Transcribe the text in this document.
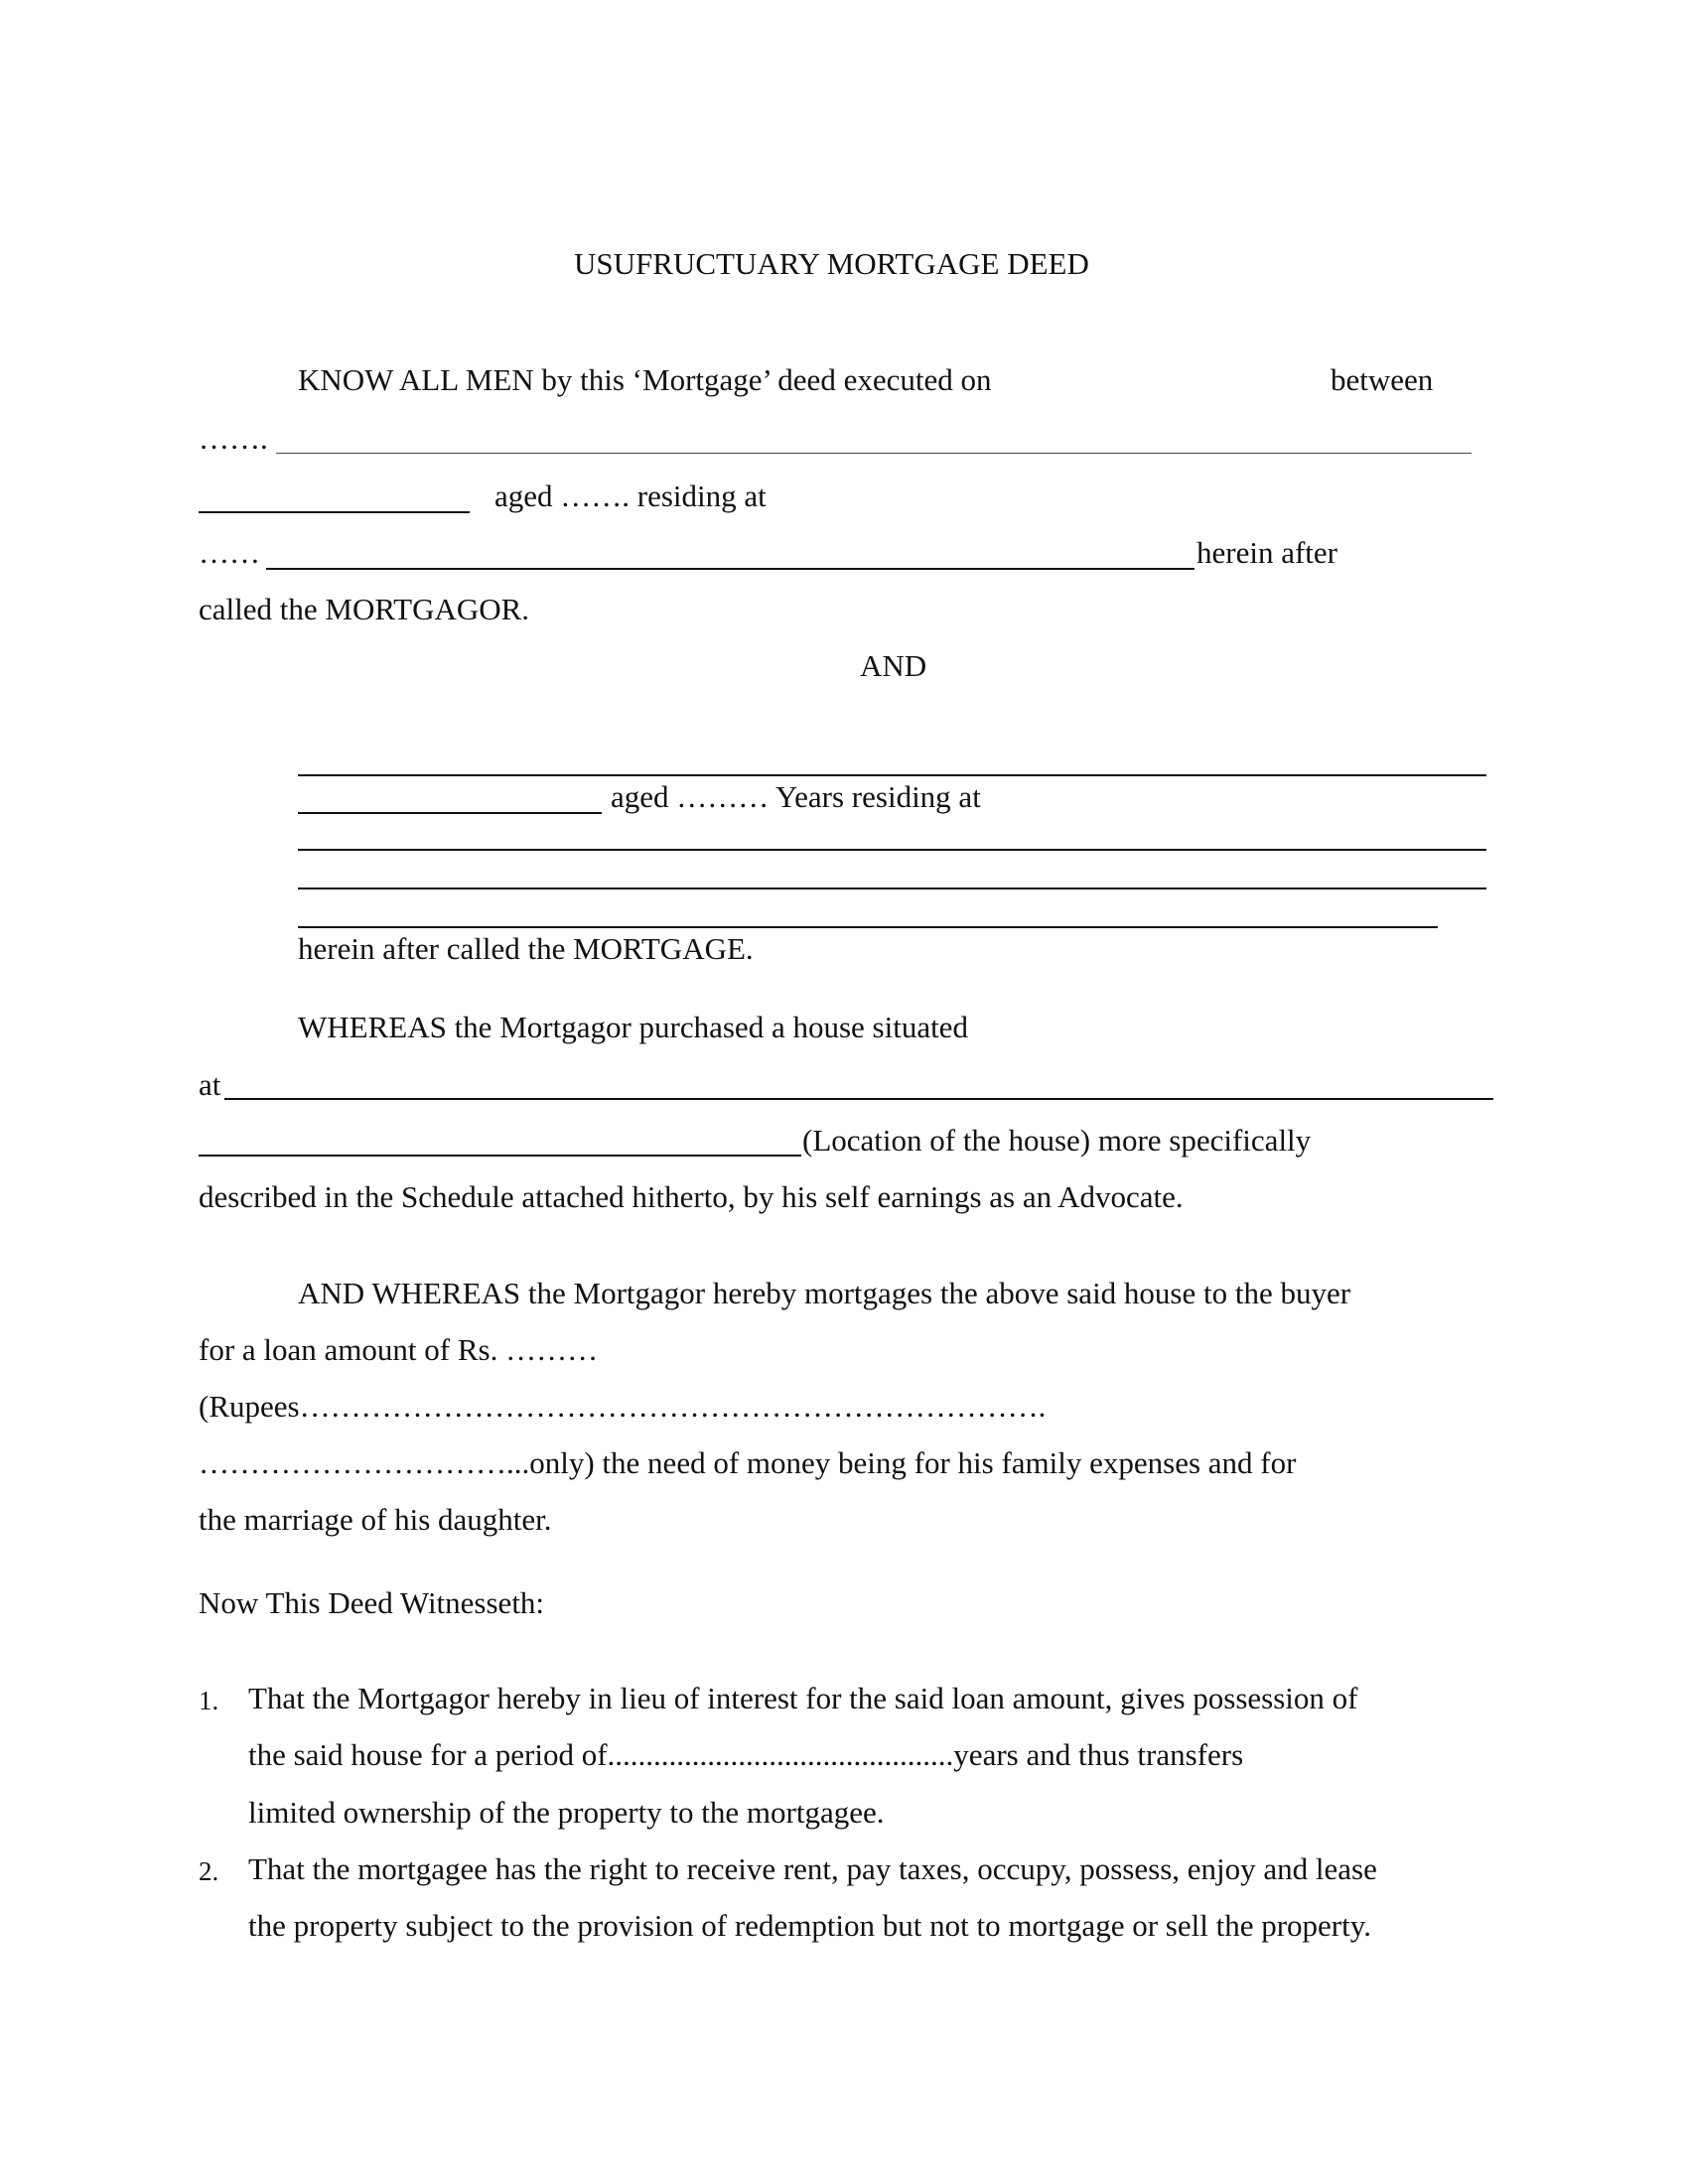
USUFRUCTUARY MORTGAGE DEED
KNOW ALL MEN by this ‘Mortgage’ deed executed on	between
…….
aged ……. residing at
……	herein after
called the MORTGAGOR.
AND
aged ……… Years residing at
herein after called the MORTGAGE.
WHEREAS the Mortgagor purchased a house situated
at
(Location of the house) more specifically
described in the Schedule attached hitherto, by his self earnings as an Advocate.
AND WHEREAS the Mortgagor hereby mortgages the above said house to the buyer
for a loan amount of Rs. ………
(Rupees……………………………………………………………….
…………………………...only) the need of money being for his family expenses and for
the marriage of his daughter.
Now This Deed Witnesseth:
1. That the Mortgagor hereby in lieu of interest for the said loan amount, gives possession of
the said house for a period of.............................................years and thus transfers
limited ownership of the property to the mortgagee.
2. That the mortgagee has the right to receive rent, pay taxes, occupy, possess, enjoy and lease
the property subject to the provision of redemption but not to mortgage or sell the property.
